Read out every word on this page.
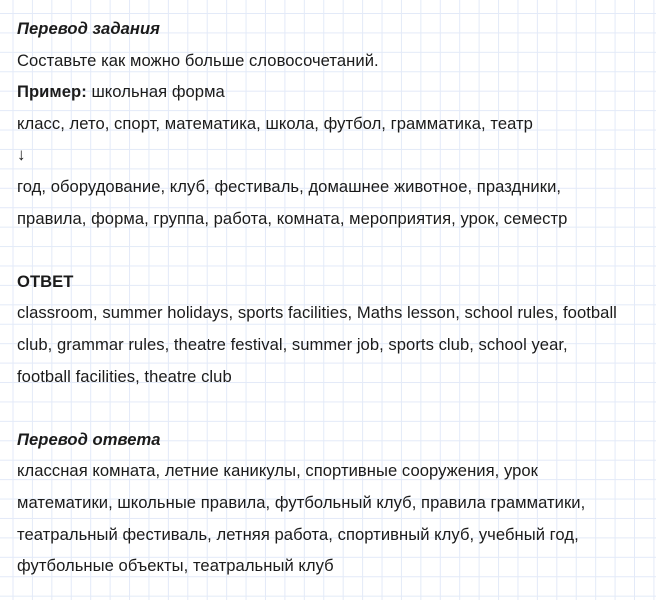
Перевод задания
Составьте как можно больше словосочетаний.
Пример: школьная форма
класс, лето, спорт, математика, школа, футбол, грамматика, театр
↓
год, оборудование, клуб, фестиваль, домашнее животное, праздники,
правила, форма, группа, работа, комната, мероприятия, урок, семестр
ОТВЕТ
classroom, summer holidays, sports facilities, Maths lesson, school rules, football
club, grammar rules, theatre festival, summer job, sports club, school year,
football facilities, theatre club
Перевод ответа
классная комната, летние каникулы, спортивные сооружения, урок
математики, школьные правила, футбольный клуб, правила грамматики,
театральный фестиваль, летняя работа, спортивный клуб, учебный год,
футбольные объекты, театральный клуб
